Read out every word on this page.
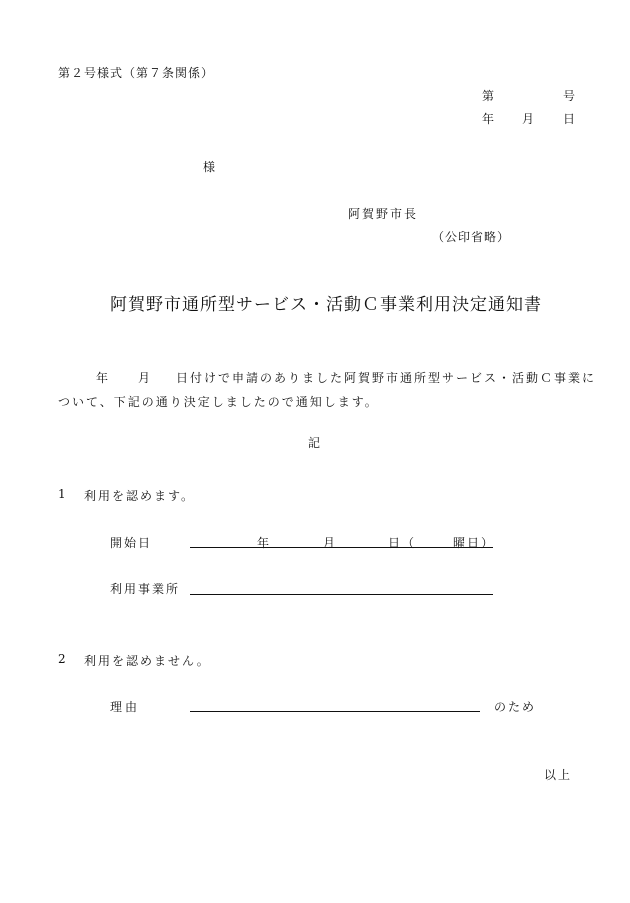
第２号様式（第７条関係）
第	号
年 月 日
様
阿賀野市長
（公印省略）
阿賀野市通所型サービス・活動Ｃ事業利用決定通知書
年 月 日付けで申請のありました阿賀野市通所型サービス・活動Ｃ事業に
ついて、下記の通り決定しましたので通知します。
記
1 利用を認めます。
開始日	年	月	日（	曜日）
利用事業所
2 利用を認めません。
理由	のため
以上
